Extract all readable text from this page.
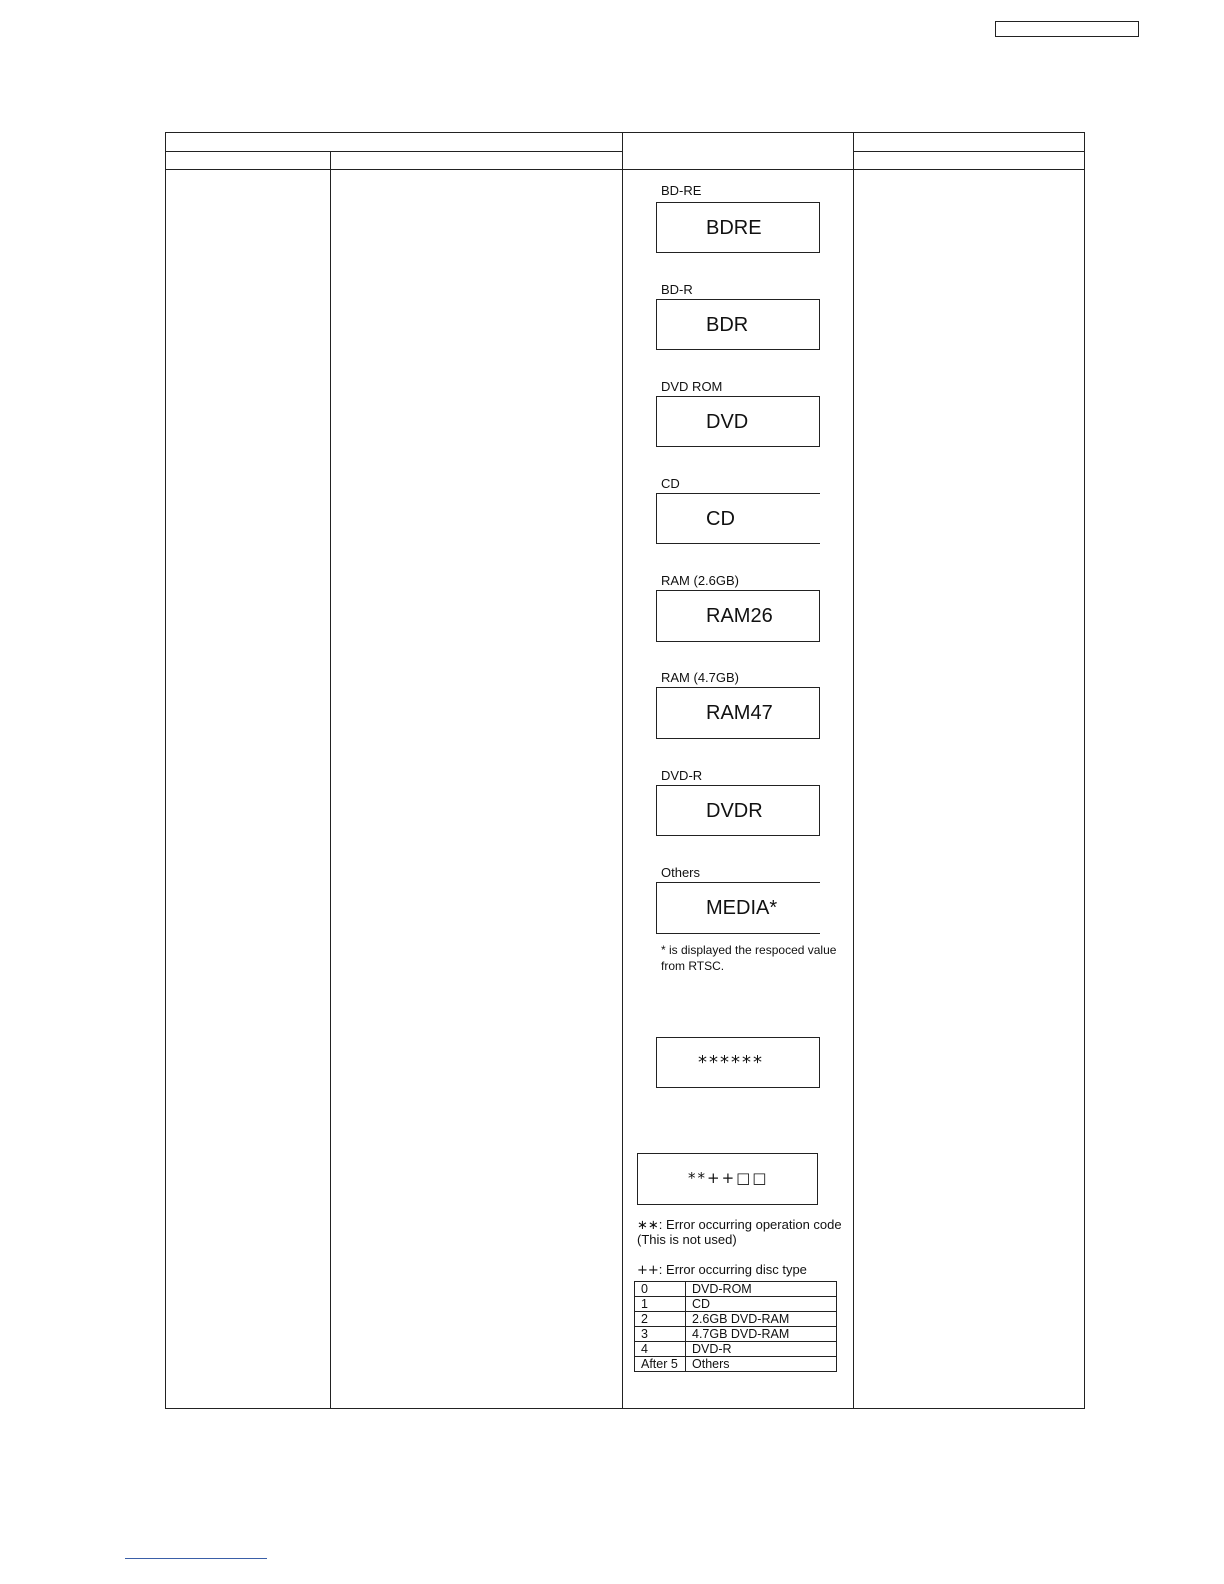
BD-RE
BDRE
BD-R
BDR
DVD ROM
DVD
CD
CD
RAM (2.6GB)
RAM26
RAM (4.7GB)
RAM47
DVD-R
DVDR
Others
MEDIA*
* is displayed the respoced value
from RTSC.
******
**++□□
∗∗: Error occurring operation code
(This is not used)
++: Error occurring disc type
0	DVD-ROM
1	CD
2	2.6GB DVD-RAM
3	4.7GB DVD-RAM
4	DVD-R
After 5	Others
